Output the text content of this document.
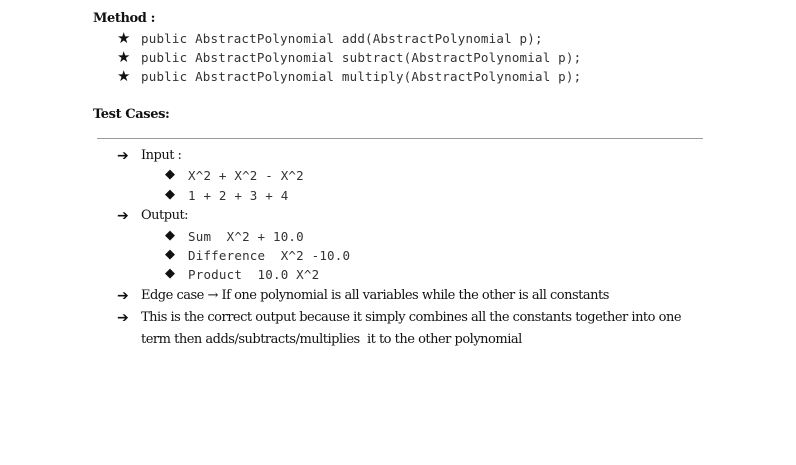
Method :
★ public AbstractPolynomial add(AbstractPolynomial p);
★ public AbstractPolynomial subtract(AbstractPolynomial p);
★ public AbstractPolynomial multiply(AbstractPolynomial p);
Test Cases:
➔ Input :
◆ X^2 + X^2 - X^2
◆ 1 + 2 + 3 + 4
➔ Output:
◆ Sum  X^2 + 10.0
◆ Difference  X^2 -10.0
◆ Product  10.0 X^2
➔ Edge case → If one polynomial is all variables while the other is all constants
➔ This is the correct output because it simply combines all the constants together into one
term then adds/subtracts/multiplies  it to the other polynomial
